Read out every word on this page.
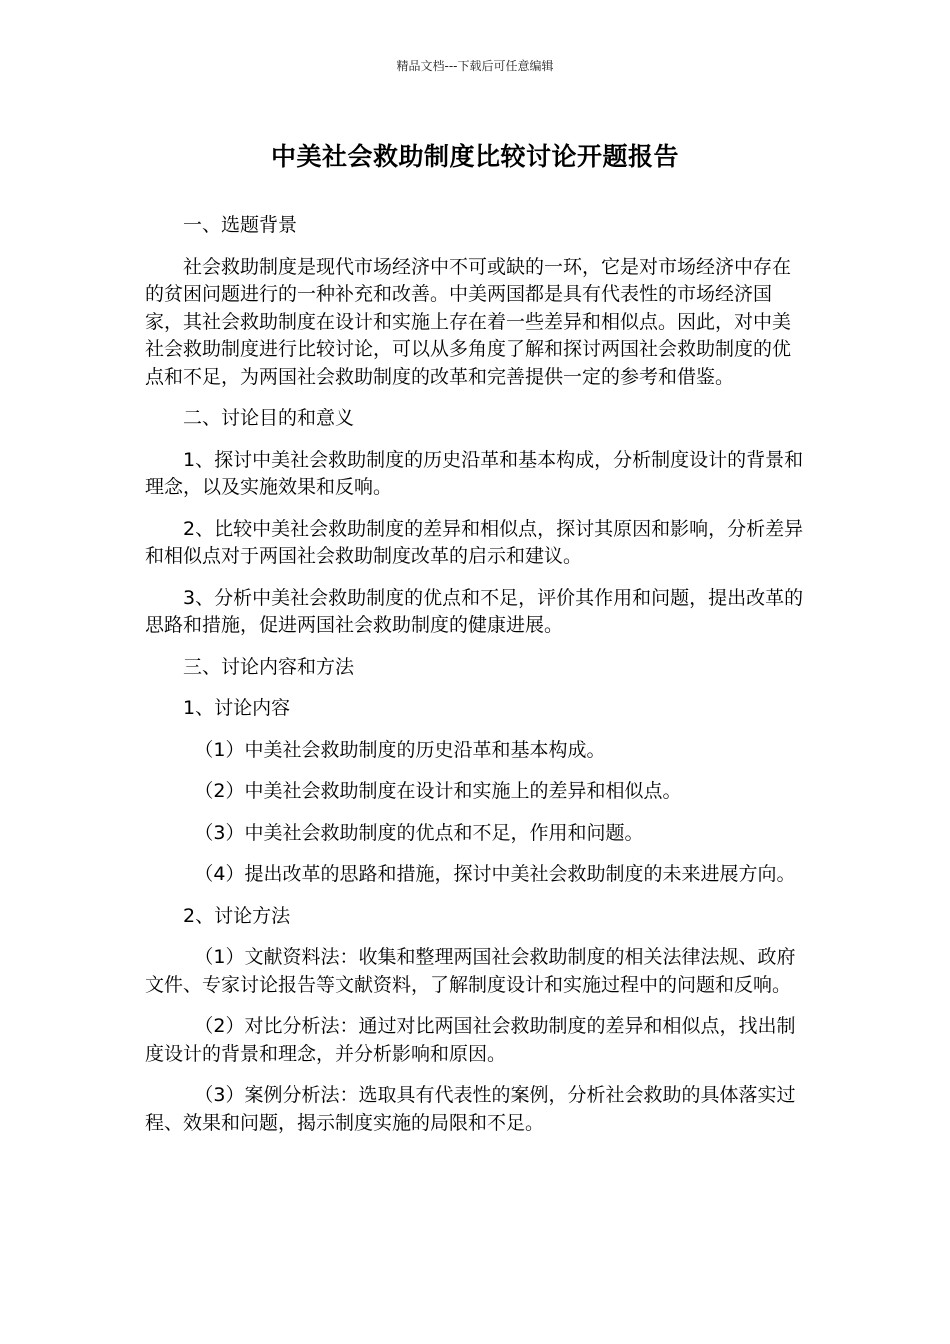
精品文档---下载后可任意编辑
中美社会救助制度比较讨论开题报告

一、选题背景

社会救助制度是现代市场经济中不可或缺的一环，它是对市场经济中存在的贫困问题进行的一种补充和改善。中美两国都是具有代表性的市场经济国家，其社会救助制度在设计和实施上存在着一些差异和相似点。因此，对中美社会救助制度进行比较讨论，可以从多角度了解和探讨两国社会救助制度的优点和不足，为两国社会救助制度的改革和完善提供一定的参考和借鉴。

二、讨论目的和意义

1、探讨中美社会救助制度的历史沿革和基本构成，分析制度设计的背景和理念，以及实施效果和反响。

2、比较中美社会救助制度的差异和相似点，探讨其原因和影响，分析差异和相似点对于两国社会救助制度改革的启示和建议。

3、分析中美社会救助制度的优点和不足，评价其作用和问题，提出改革的思路和措施，促进两国社会救助制度的健康进展。

三、讨论内容和方法

1、讨论内容

（1）中美社会救助制度的历史沿革和基本构成。

（2）中美社会救助制度在设计和实施上的差异和相似点。

（3）中美社会救助制度的优点和不足，作用和问题。

（4）提出改革的思路和措施，探讨中美社会救助制度的未来进展方向。

2、讨论方法

（1）文献资料法：收集和整理两国社会救助制度的相关法律法规、政府文件、专家讨论报告等文献资料，了解制度设计和实施过程中的问题和反响。

（2）对比分析法：通过对比两国社会救助制度的差异和相似点，找出制度设计的背景和理念，并分析影响和原因。

（3）案例分析法：选取具有代表性的案例，分析社会救助的具体落实过程、效果和问题，揭示制度实施的局限和不足。
